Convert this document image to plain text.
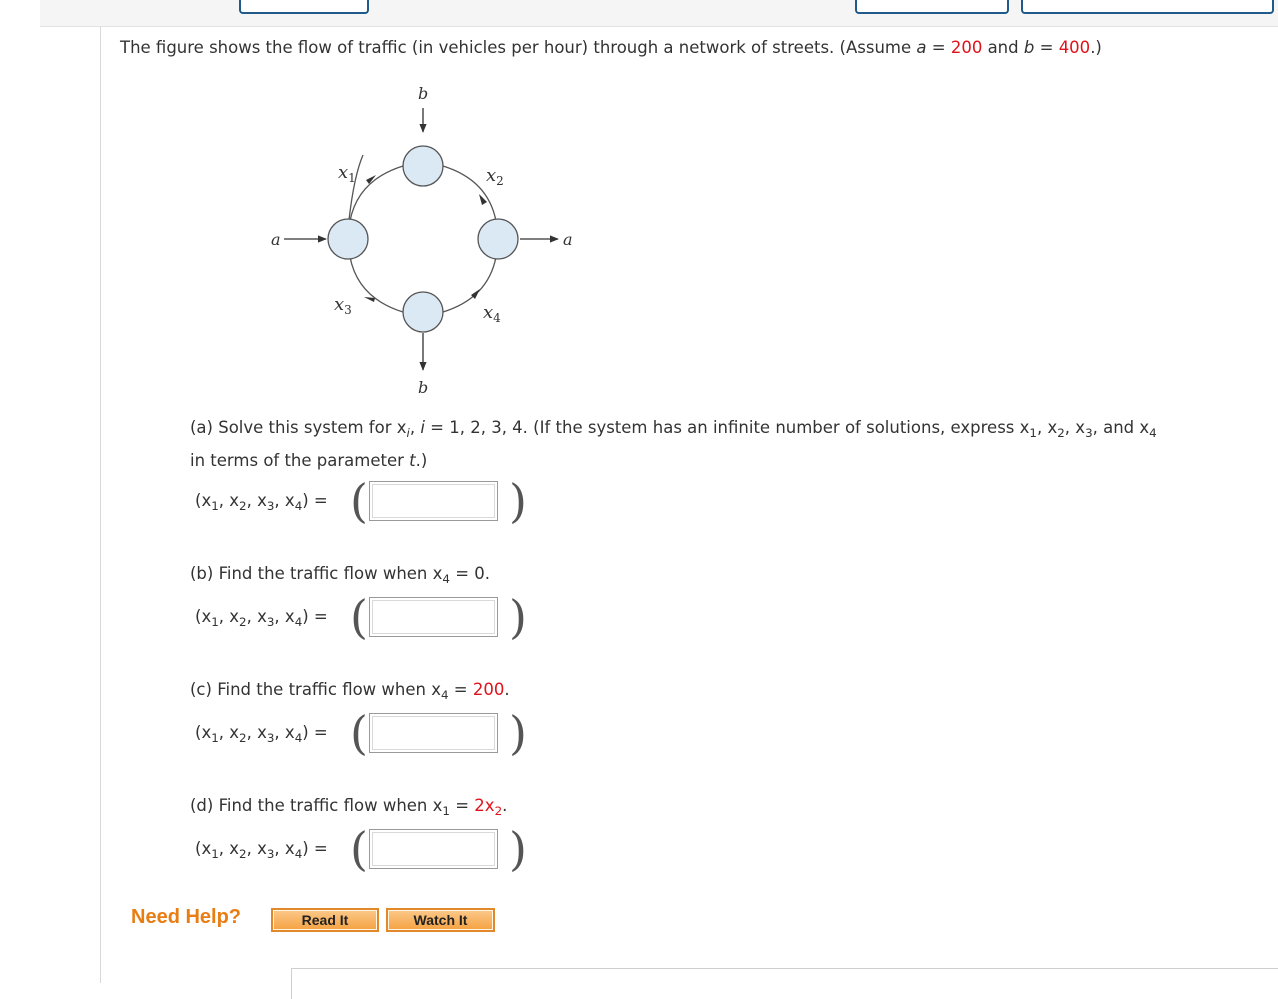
The figure shows the flow of traffic (in vehicles per hour) through a network of streets. (Assume a = 200 and b = 400.)
b
b
a	a
$x_1$	$x_2$
$x_3$	$x_4$
(a) Solve this system for $x_i$, i = 1, 2, 3, 4. (If the system has an infinite number of solutions, express $x_1$, $x_2$, $x_3$, and $x_4$
in terms of the parameter t.)
($x_1$, $x_2$, $x_3$, $x_4$) = (	)
(b) Find the traffic flow when $x_4 = 0$.
($x_1$, $x_2$, $x_3$, $x_4$) = (	)
(c) Find the traffic flow when $x_4 = 200$.
($x_1$, $x_2$, $x_3$, $x_4$) = (	)
(d) Find the traffic flow when $x_1 = 2x_2$.
($x_1$, $x_2$, $x_3$, $x_4$) = (	)
Need Help?	Read It	Watch It
